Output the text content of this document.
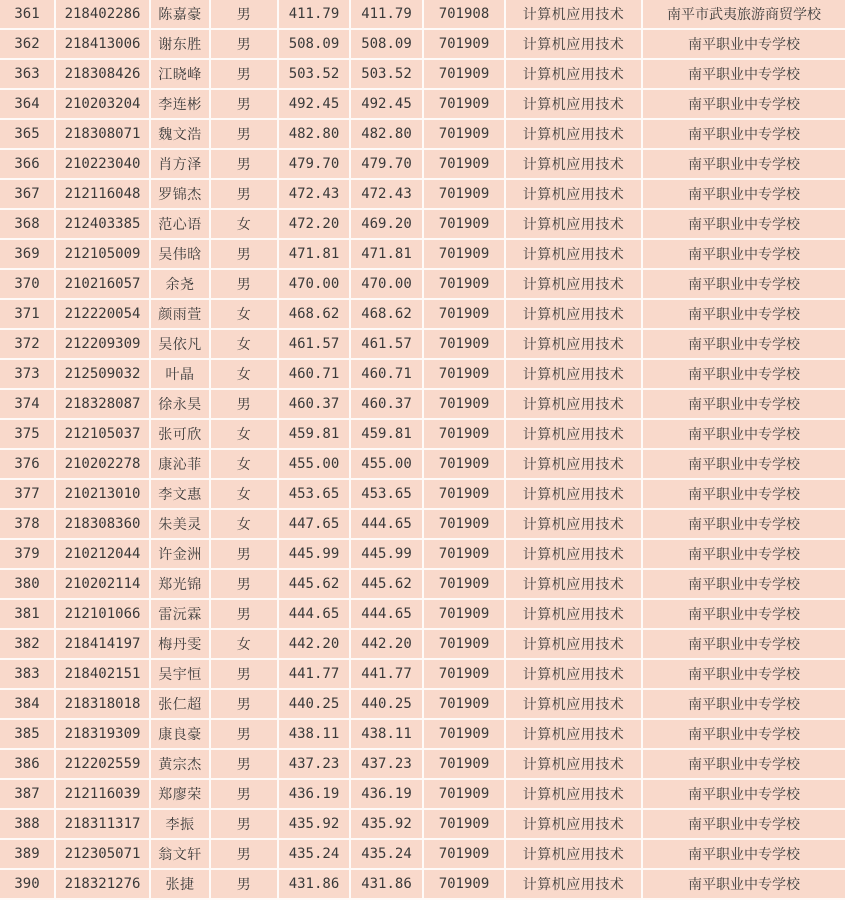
361	218402286	陈嘉豪	男	411.79	411.79	701908	计算机应用技术	南平市武夷旅游商贸学校
362	218413006	谢东胜	男	508.09	508.09	701909	计算机应用技术	南平职业中专学校
363	218308426	江晓峰	男	503.52	503.52	701909	计算机应用技术	南平职业中专学校
364	210203204	李连彬	男	492.45	492.45	701909	计算机应用技术	南平职业中专学校
365	218308071	魏文浩	男	482.80	482.80	701909	计算机应用技术	南平职业中专学校
366	210223040	肖方泽	男	479.70	479.70	701909	计算机应用技术	南平职业中专学校
367	212116048	罗锦杰	男	472.43	472.43	701909	计算机应用技术	南平职业中专学校
368	212403385	范心语	女	472.20	469.20	701909	计算机应用技术	南平职业中专学校
369	212105009	吴伟晗	男	471.81	471.81	701909	计算机应用技术	南平职业中专学校
370	210216057	余尧	男	470.00	470.00	701909	计算机应用技术	南平职业中专学校
371	212220054	颜雨萱	女	468.62	468.62	701909	计算机应用技术	南平职业中专学校
372	212209309	吴依凡	女	461.57	461.57	701909	计算机应用技术	南平职业中专学校
373	212509032	叶晶	女	460.71	460.71	701909	计算机应用技术	南平职业中专学校
374	218328087	徐永昊	男	460.37	460.37	701909	计算机应用技术	南平职业中专学校
375	212105037	张可欣	女	459.81	459.81	701909	计算机应用技术	南平职业中专学校
376	210202278	康沁菲	女	455.00	455.00	701909	计算机应用技术	南平职业中专学校
377	210213010	李文惠	女	453.65	453.65	701909	计算机应用技术	南平职业中专学校
378	218308360	朱美灵	女	447.65	444.65	701909	计算机应用技术	南平职业中专学校
379	210212044	许金洲	男	445.99	445.99	701909	计算机应用技术	南平职业中专学校
380	210202114	郑光锦	男	445.62	445.62	701909	计算机应用技术	南平职业中专学校
381	212101066	雷沅霖	男	444.65	444.65	701909	计算机应用技术	南平职业中专学校
382	218414197	梅丹雯	女	442.20	442.20	701909	计算机应用技术	南平职业中专学校
383	218402151	吴宇恒	男	441.77	441.77	701909	计算机应用技术	南平职业中专学校
384	218318018	张仁超	男	440.25	440.25	701909	计算机应用技术	南平职业中专学校
385	218319309	康良豪	男	438.11	438.11	701909	计算机应用技术	南平职业中专学校
386	212202559	黄宗杰	男	437.23	437.23	701909	计算机应用技术	南平职业中专学校
387	212116039	郑廖荣	男	436.19	436.19	701909	计算机应用技术	南平职业中专学校
388	218311317	李振	男	435.92	435.92	701909	计算机应用技术	南平职业中专学校
389	212305071	翁文轩	男	435.24	435.24	701909	计算机应用技术	南平职业中专学校
390	218321276	张捷	男	431.86	431.86	701909	计算机应用技术	南平职业中专学校
